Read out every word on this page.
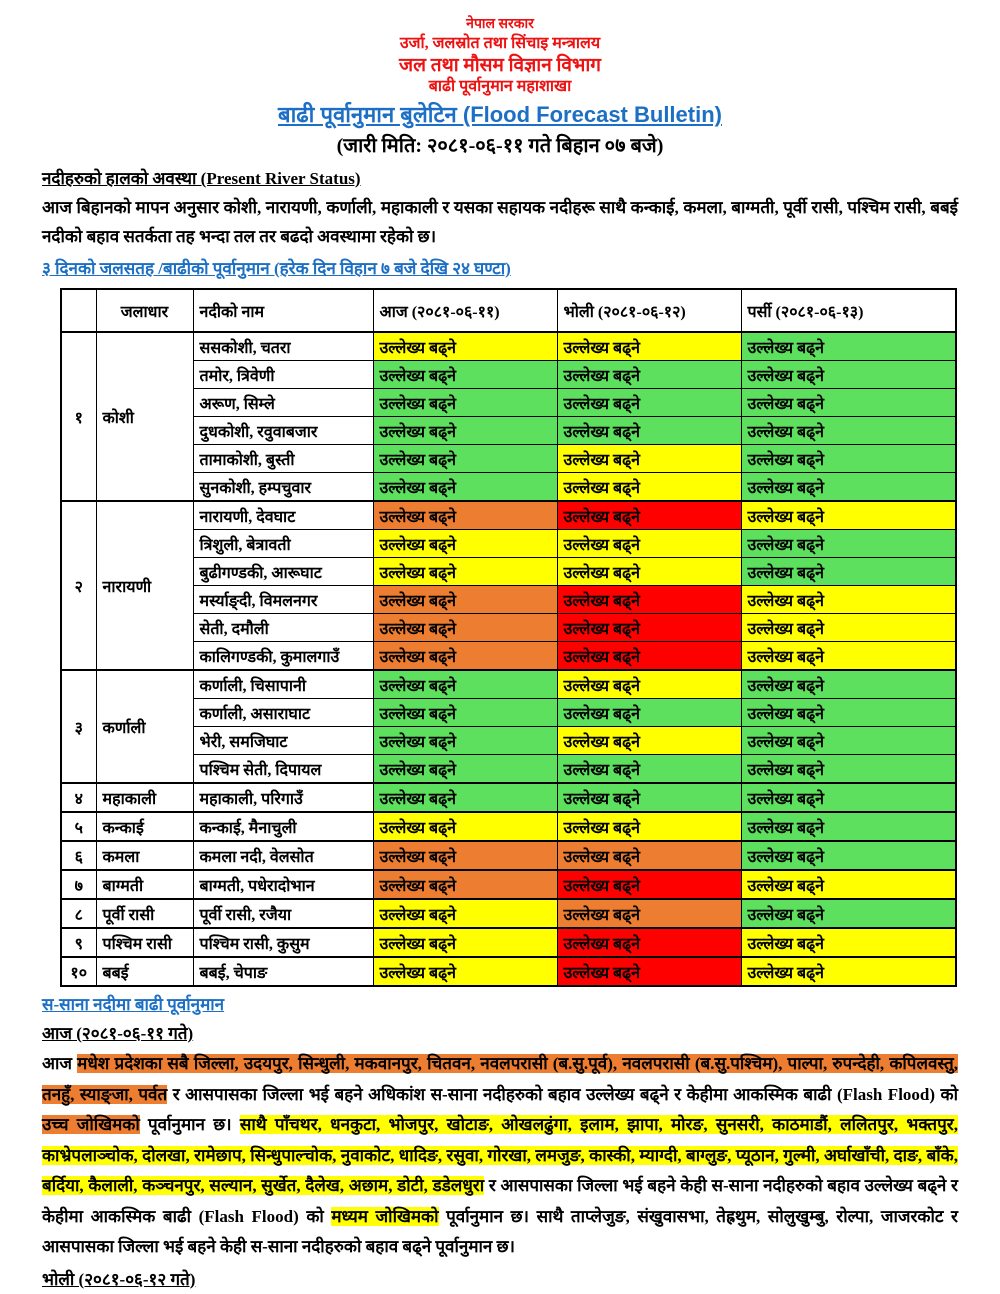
नेपाल सरकार
उर्जा, जलस्रोत तथा सिंचाइ मन्त्रालय
जल तथा मौसम विज्ञान विभाग
बाढी पूर्वानुमान महाशाखा
बाढी पूर्वानुमान बुलेटिन (Flood Forecast Bulletin)
(जारी मिति: २०८१-०६-११ गते बिहान ०७ बजे)
नदीहरुको हालको अवस्था (Present River Status)

आज बिहानको मापन अनुसार कोशी, नारायणी, कर्णाली, महाकाली र यसका सहायक नदीहरू साथै कन्काई, कमला, बाग्मती, पूर्वी रासी, पश्चिम रासी, बबई नदीको बहाव सतर्कता तह भन्दा तल तर बढदो अवस्थामा रहेको छ।

३ दिनको जलसतह /बाढीको पूर्वानुमान (हरेक दिन विहान ७ बजे देखि २४ घण्टा)
	जलाधार	नदीको नाम	आज (२०८१-०६-११)	भोली (२०८१-०६-१२)	पर्सी (२०८१-०६-१३)
१	कोशी	ससकोशी, चतरा	उल्लेख्य बढ्ने	उल्लेख्य बढ्ने	उल्लेख्य बढ्ने
		तमोर, त्रिवेणी	उल्लेख्य बढ्ने	उल्लेख्य बढ्ने	उल्लेख्य बढ्ने
		अरूण, सिम्ले	उल्लेख्य बढ्ने	उल्लेख्य बढ्ने	उल्लेख्य बढ्ने
		दुधकोशी, रवुवाबजार	उल्लेख्य बढ्ने	उल्लेख्य बढ्ने	उल्लेख्य बढ्ने
		तामाकोशी, बुस्ती	उल्लेख्य बढ्ने	उल्लेख्य बढ्ने	उल्लेख्य बढ्ने
		सुनकोशी, हम्पचुवार	उल्लेख्य बढ्ने	उल्लेख्य बढ्ने	उल्लेख्य बढ्ने
२	नारायणी	नारायणी, देवघाट	उल्लेख्य बढ्ने	उल्लेख्य बढ्ने	उल्लेख्य बढ्ने
		त्रिशुली, बेत्रावती	उल्लेख्य बढ्ने	उल्लेख्य बढ्ने	उल्लेख्य बढ्ने
		बुढीगण्डकी, आरूघाट	उल्लेख्य बढ्ने	उल्लेख्य बढ्ने	उल्लेख्य बढ्ने
		मर्स्याङ्दी, विमलनगर	उल्लेख्य बढ्ने	उल्लेख्य बढ्ने	उल्लेख्य बढ्ने
		सेती, दमौली	उल्लेख्य बढ्ने	उल्लेख्य बढ्ने	उल्लेख्य बढ्ने
		कालिगण्डकी, कुमालगाउँ	उल्लेख्य बढ्ने	उल्लेख्य बढ्ने	उल्लेख्य बढ्ने
३	कर्णाली	कर्णाली, चिसापानी	उल्लेख्य बढ्ने	उल्लेख्य बढ्ने	उल्लेख्य बढ्ने
		कर्णाली, असाराघाट	उल्लेख्य बढ्ने	उल्लेख्य बढ्ने	उल्लेख्य बढ्ने
		भेरी, समजिघाट	उल्लेख्य बढ्ने	उल्लेख्य बढ्ने	उल्लेख्य बढ्ने
		पश्चिम सेती, दिपायल	उल्लेख्य बढ्ने	उल्लेख्य बढ्ने	उल्लेख्य बढ्ने
४	महाकाली	महाकाली, परिगाउँ	उल्लेख्य बढ्ने	उल्लेख्य बढ्ने	उल्लेख्य बढ्ने
५	कन्काई	कन्काई, मैनाचुली	उल्लेख्य बढ्ने	उल्लेख्य बढ्ने	उल्लेख्य बढ्ने
६	कमला	कमला नदी, वेलसोत	उल्लेख्य बढ्ने	उल्लेख्य बढ्ने	उल्लेख्य बढ्ने
७	बाग्मती	बाग्मती, पधेरादोभान	उल्लेख्य बढ्ने	उल्लेख्य बढ्ने	उल्लेख्य बढ्ने
८	पूर्वी रासी	पूर्वी रासी, रजैया	उल्लेख्य बढ्ने	उल्लेख्य बढ्ने	उल्लेख्य बढ्ने
९	पश्चिम रासी	पश्चिम रासी, कुसुम	उल्लेख्य बढ्ने	उल्लेख्य बढ्ने	उल्लेख्य बढ्ने
१०	बबई	बबई, चेपाङ	उल्लेख्य बढ्ने	उल्लेख्य बढ्ने	उल्लेख्य बढ्ने
स-साना नदीमा बाढी पूर्वानुमान
आज (२०८१-०६-११ गते)

आज मधेश प्रदेशका सबै जिल्ला, उदयपुर, सिन्धुली, मकवानपुर, चितवन, नवलपरासी (ब.सु.पूर्व), नवलपरासी (ब.सु.पश्चिम), पाल्पा, रुपन्देही, कपिलवस्तु, तनहुँ, स्याङ्जा, पर्वत र आसपासका जिल्ला भई बहने अधिकांश स-साना नदीहरुको बहाव उल्लेख्य बढ्ने र केहीमा आकस्मिक बाढी (Flash Flood) को उच्च जोखिमको पूर्वानुमान छ। साथै पाँचथर, धनकुटा, भोजपुर, खोटाङ, ओखलढुंगा, इलाम, झापा, मोरङ, सुनसरी, काठमाडौं, ललितपुर, भक्तपुर, काभ्रेपलाञ्चोक, दोलखा, रामेछाप, सिन्धुपाल्चोक, नुवाकोट, धादिङ, रसुवा, गोरखा, लमजुङ, कास्की, म्याग्दी, बाग्लुङ, प्यूठान, गुल्मी, अर्घाखाँची, दाङ, बाँके, बर्दिया, कैलाली, कञ्चनपुर, सल्यान, सुर्खेत, दैलेख, अछाम, डोटी, डडेलधुरा र आसपासका जिल्ला भई बहने केही स-साना नदीहरुको बहाव उल्लेख्य बढ्ने र केहीमा आकस्मिक बाढी (Flash Flood) को मध्यम जोखिमको पूर्वानुमान छ। साथै ताप्लेजुङ, संखुवासभा, तेह्रथुम, सोलुखुम्बु, रोल्पा, जाजरकोट र आसपासका जिल्ला भई बहने केही स-साना नदीहरुको बहाव बढ्ने पूर्वानुमान छ।

भोली (२०८१-०६-१२ गते)
